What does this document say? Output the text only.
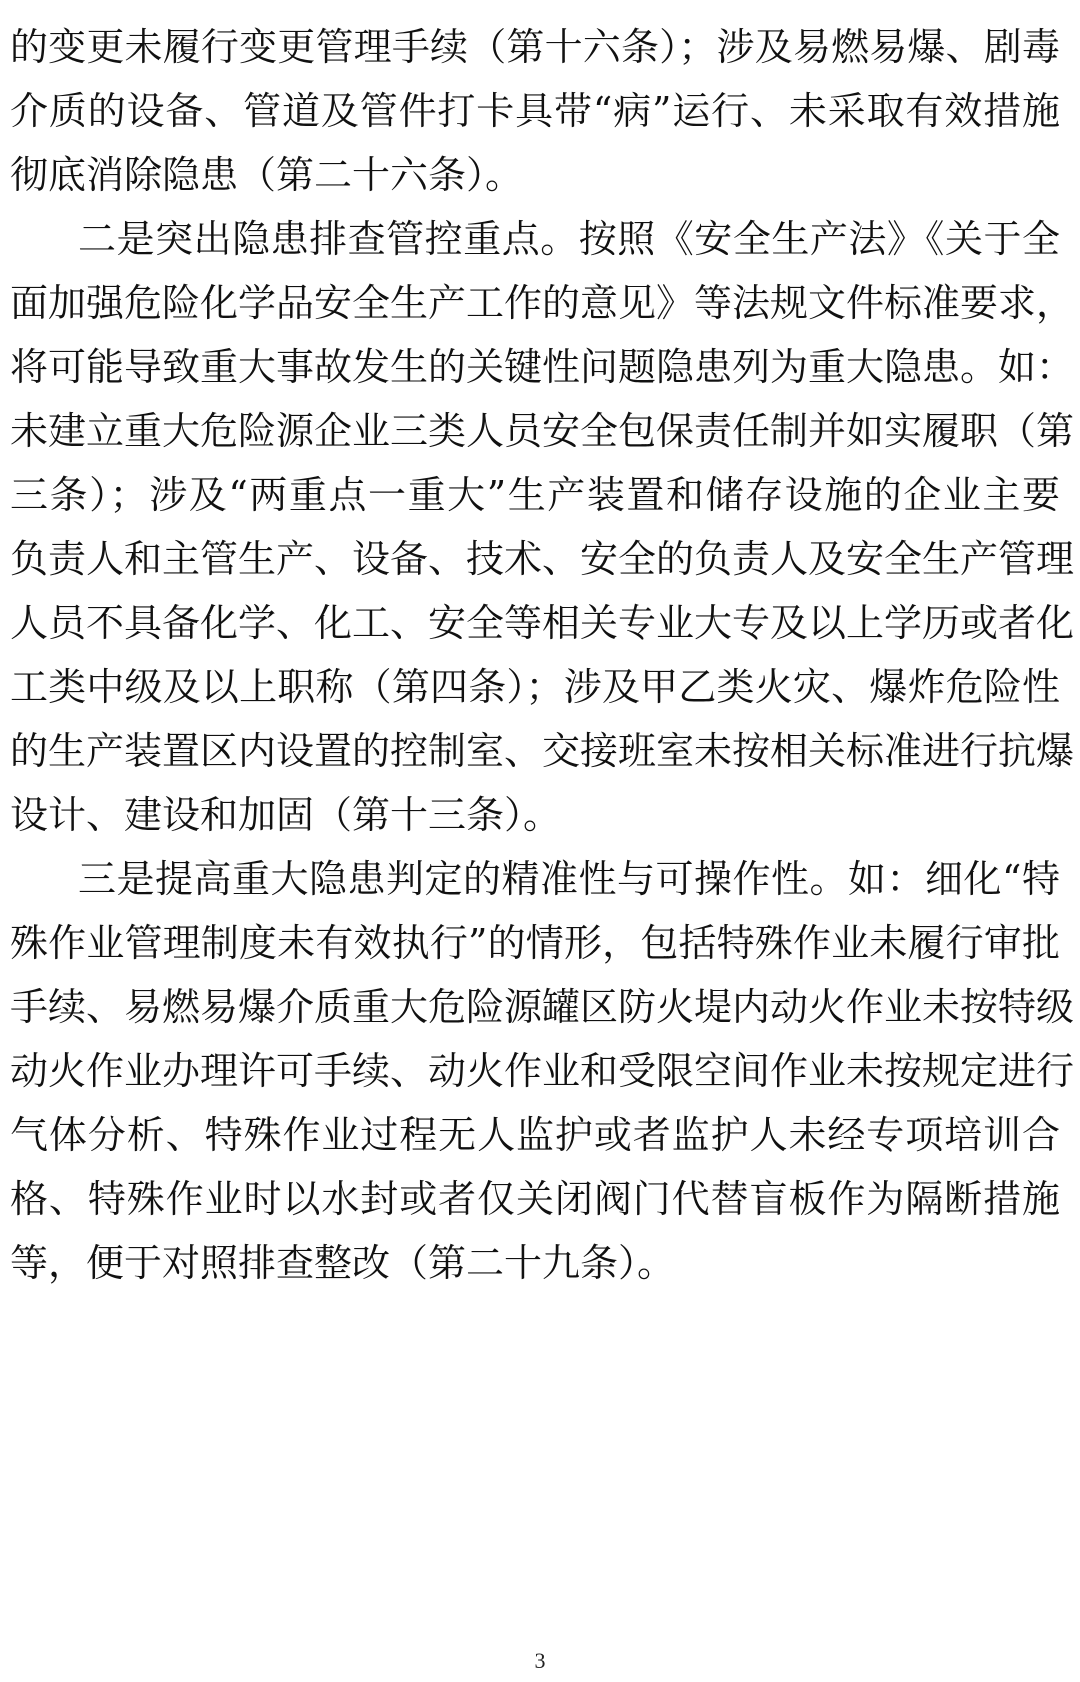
的变更未履行变更管理手续（第十六条）；涉及易燃易爆、剧毒
介质的设备、管道及管件打卡具带“病”运行、未采取有效措施
彻底消除隐患（第二十六条）。
二是突出隐患排查管控重点。按照《安全生产法》《关于全
面加强危险化学品安全生产工作的意见》等法规文件标准要求，
将可能导致重大事故发生的关键性问题隐患列为重大隐患。如：
未建立重大危险源企业三类人员安全包保责任制并如实履职（第
三条）；涉及“两重点一重大”生产装置和储存设施的企业主要
负责人和主管生产、设备、技术、安全的负责人及安全生产管理
人员不具备化学、化工、安全等相关专业大专及以上学历或者化
工类中级及以上职称（第四条）；涉及甲乙类火灾、爆炸危险性
的生产装置区内设置的控制室、交接班室未按相关标准进行抗爆
设计、建设和加固（第十三条）。
三是提高重大隐患判定的精准性与可操作性。如：细化“特
殊作业管理制度未有效执行”的情形，包括特殊作业未履行审批
手续、易燃易爆介质重大危险源罐区防火堤内动火作业未按特级
动火作业办理许可手续、动火作业和受限空间作业未按规定进行
气体分析、特殊作业过程无人监护或者监护人未经专项培训合
格、特殊作业时以水封或者仅关闭阀门代替盲板作为隔断措施
等，便于对照排查整改（第二十九条）。
3
